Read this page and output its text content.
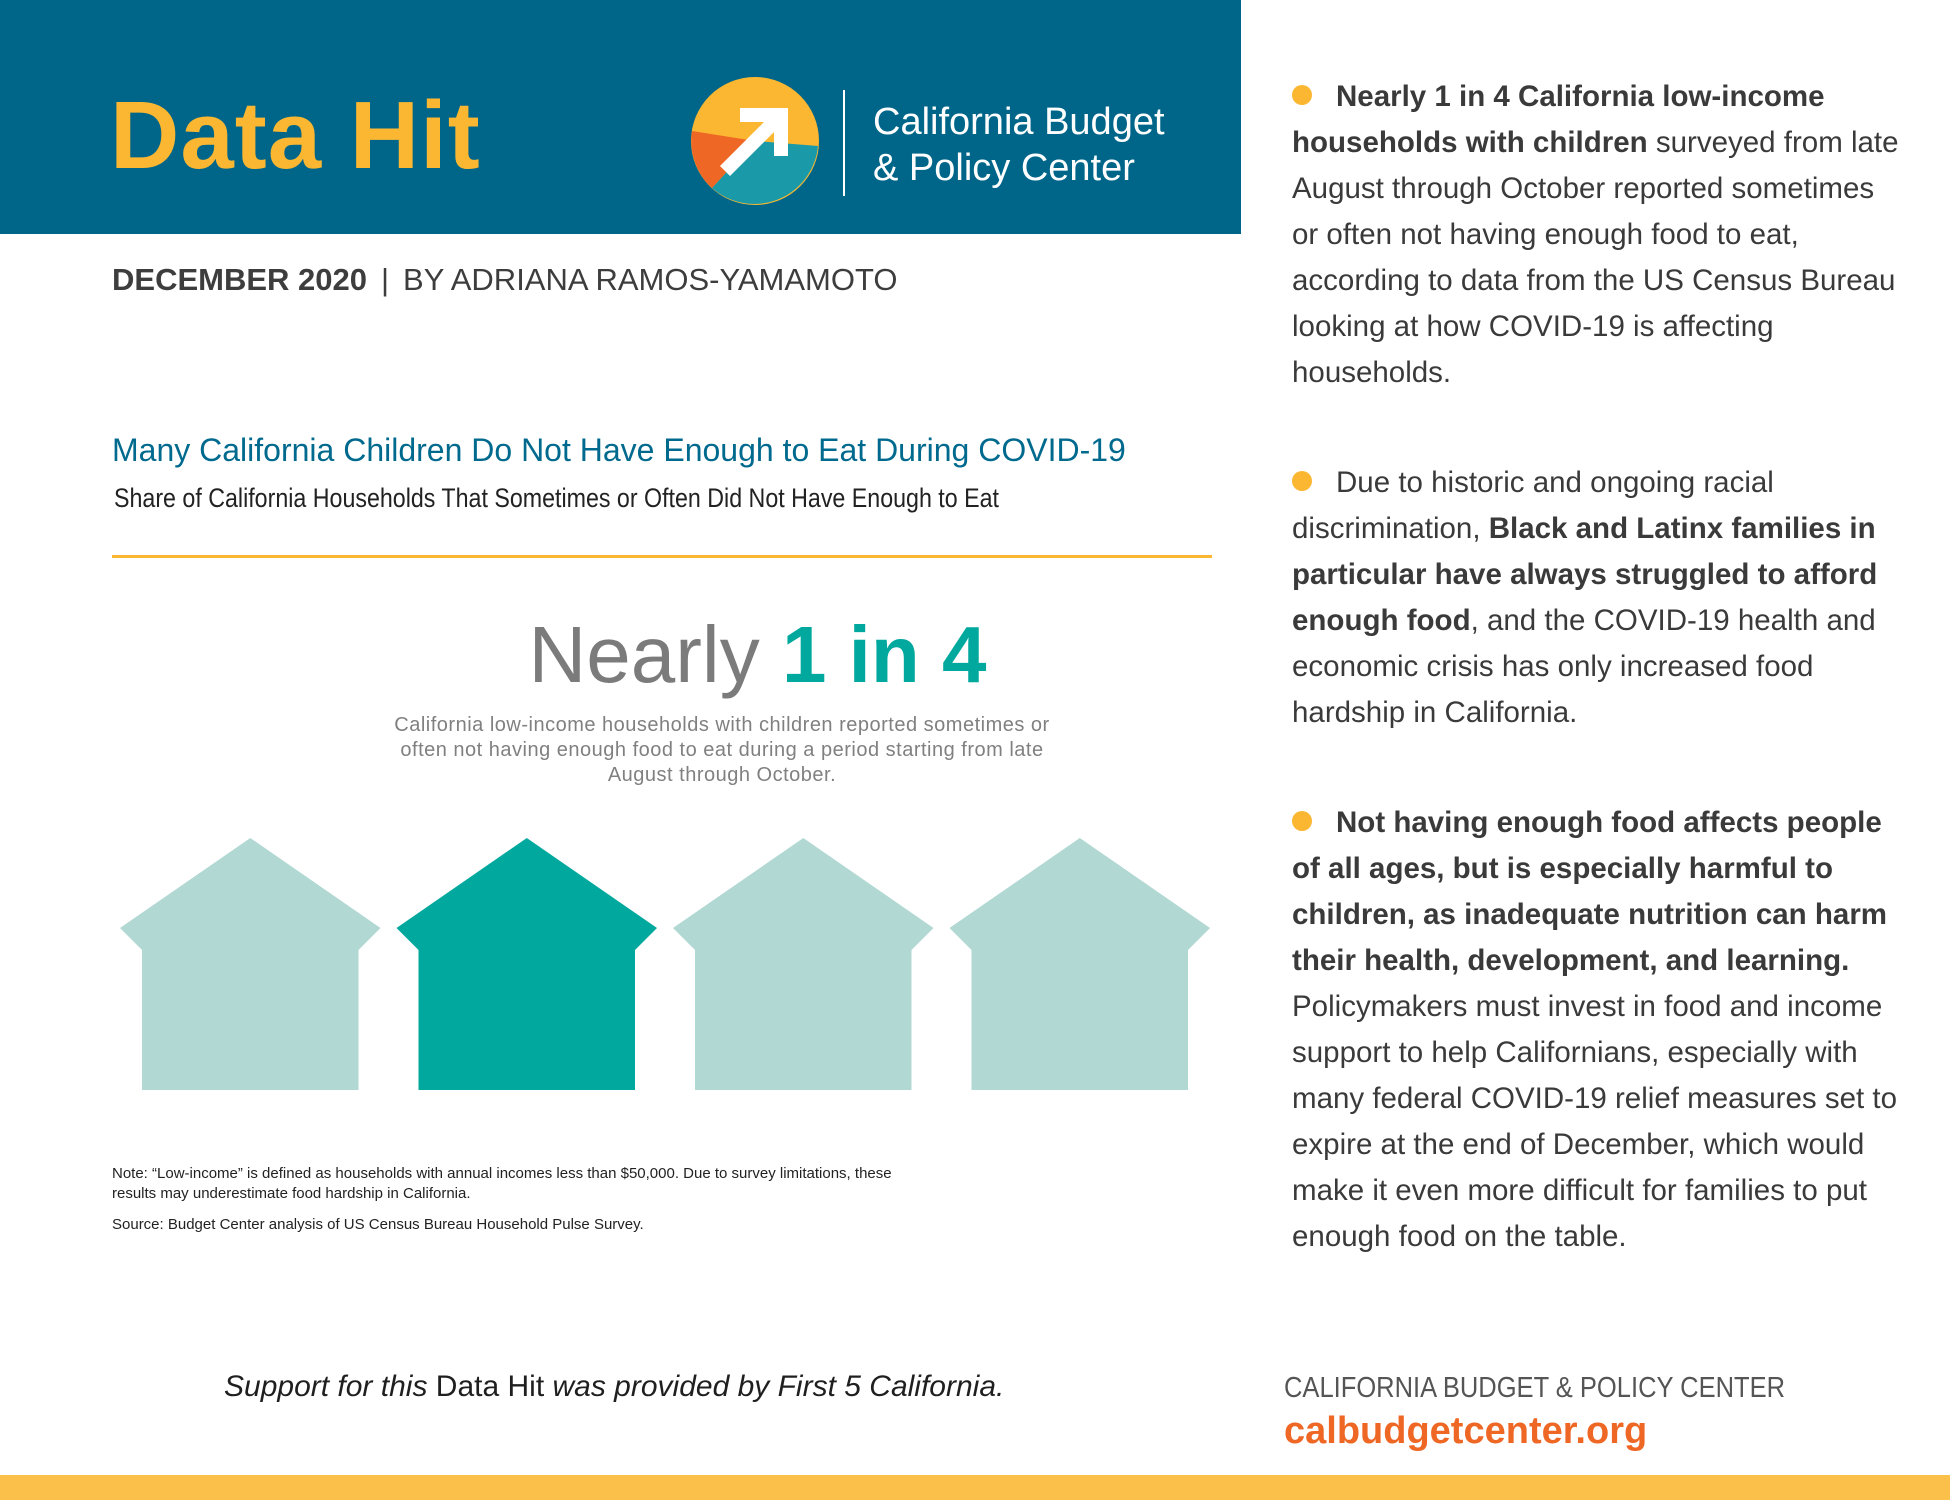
Data Hit	California Budget
& Policy Center
DECEMBER 2020 | BY ADRIANA RAMOS-YAMAMOTO
Many California Children Do Not Have Enough to Eat During COVID-19
Share of California Households That Sometimes or Often Did Not Have Enough to Eat
Nearly 1 in 4
California low-income households with children reported sometimes or often not having enough food to eat during a period starting from late August through October.
Note: “Low-income” is defined as households with annual incomes less than $50,000. Due to survey limitations, these results may underestimate food hardship in California.
Source: Budget Center analysis of US Census Bureau Household Pulse Survey.
Support for this Data Hit was provided by First 5 California.
Nearly 1 in 4 California low-income households with children surveyed from late August through October reported sometimes or often not having enough food to eat, according to data from the US Census Bureau looking at how COVID-19 is affecting households.
Due to historic and ongoing racial discrimination, Black and Latinx families in particular have always struggled to afford enough food, and the COVID-19 health and economic crisis has only increased food hardship in California.
Not having enough food affects people of all ages, but is especially harmful to children, as inadequate nutrition can harm their health, development, and learning. Policymakers must invest in food and income support to help Californians, especially with many federal COVID-19 relief measures set to expire at the end of December, which would make it even more difficult for families to put enough food on the table.
CALIFORNIA BUDGET & POLICY CENTER
calbudgetcenter.org
